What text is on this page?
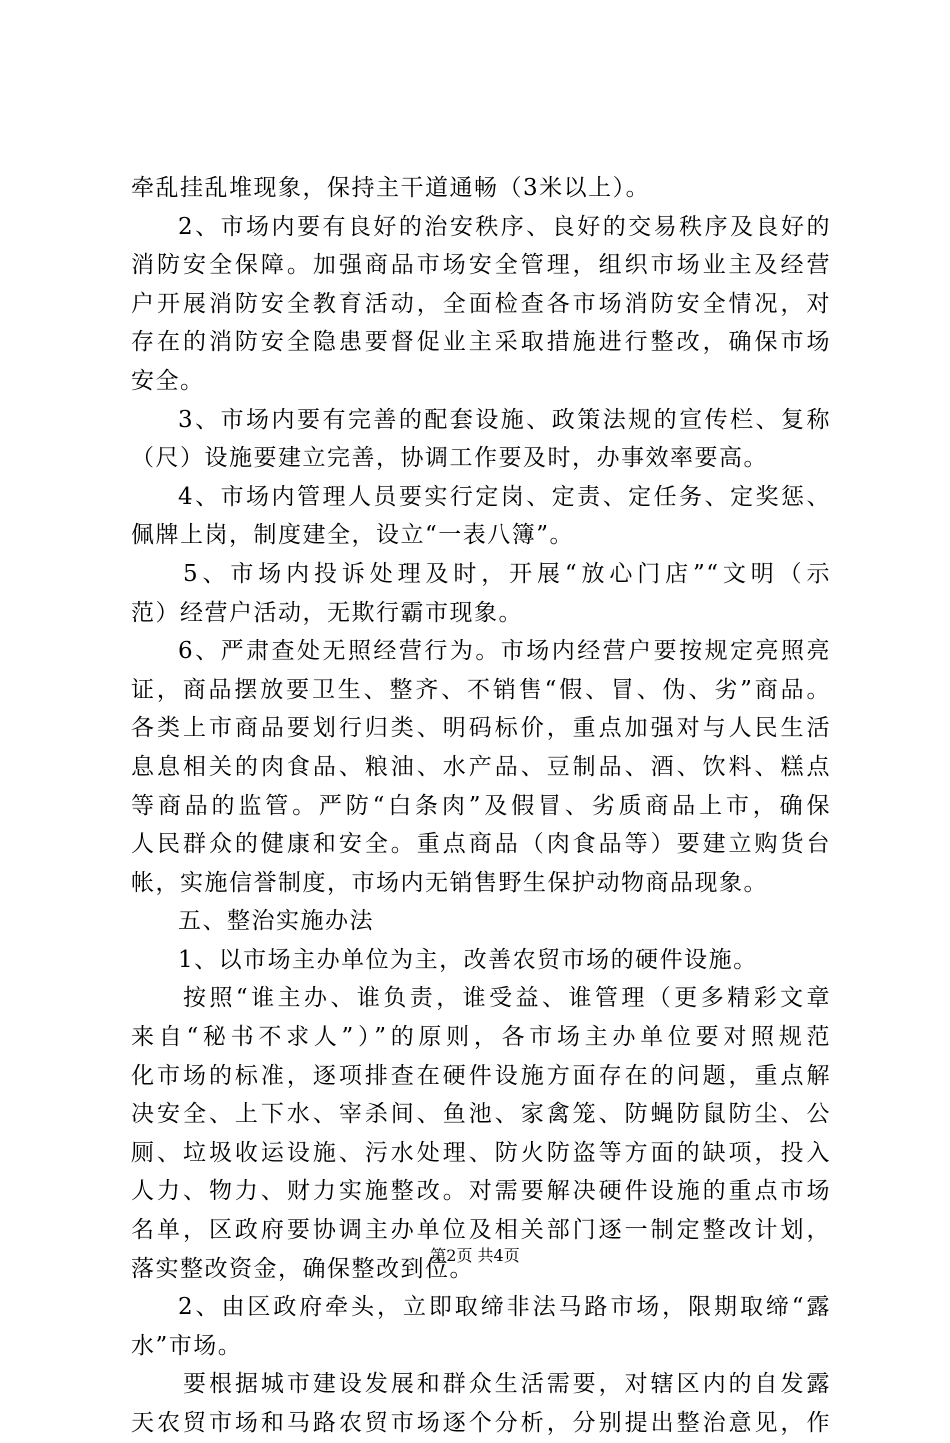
牵乱挂乱堆现象，保持主干道通畅（3米以上）。
2、市场内要有良好的治安秩序、良好的交易秩序及良好的
消防安全保障。加强商品市场安全管理，组织市场业主及经营
户开展消防安全教育活动，全面检查各市场消防安全情况，对
存在的消防安全隐患要督促业主采取措施进行整改，确保市场
安全。
3、市场内要有完善的配套设施、政策法规的宣传栏、复称
（尺）设施要建立完善，协调工作要及时，办事效率要高。
4、市场内管理人员要实行定岗、定责、定任务、定奖惩、
佩牌上岗，制度建全，设立“一表八簿”。
5、市场内投诉处理及时，开展“放心门店”“文明（示
范）经营户活动，无欺行霸市现象。
6、严肃查处无照经营行为。市场内经营户要按规定亮照亮
证，商品摆放要卫生、整齐、不销售“假、冒、伪、劣”商品。
各类上市商品要划行归类、明码标价，重点加强对与人民生活
息息相关的肉食品、粮油、水产品、豆制品、酒、饮料、糕点
等商品的监管。严防“白条肉”及假冒、劣质商品上市，确保
人民群众的健康和安全。重点商品（肉食品等）要建立购货台
帐，实施信誉制度，市场内无销售野生保护动物商品现象。
五、整治实施办法
1、以市场主办单位为主，改善农贸市场的硬件设施。
按照“谁主办、谁负责，谁受益、谁管理（更多精彩文章
来自“秘书不求人”）”的原则，各市场主办单位要对照规范
化市场的标准，逐项排查在硬件设施方面存在的问题，重点解
决安全、上下水、宰杀间、鱼池、家禽笼、防蝇防鼠防尘、公
厕、垃圾收运设施、污水处理、防火防盗等方面的缺项，投入
人力、物力、财力实施整改。对需要解决硬件设施的重点市场
名单，区政府要协调主办单位及相关部门逐一制定整改计划，
落实整改资金，确保整改到位。
2、由区政府牵头，立即取缔非法马路市场，限期取缔“露
水”市场。
要根据城市建设发展和群众生活需要，对辖区内的自发露
天农贸市场和马路农贸市场逐个分析，分别提出整治意见，作
第2页 共4页
